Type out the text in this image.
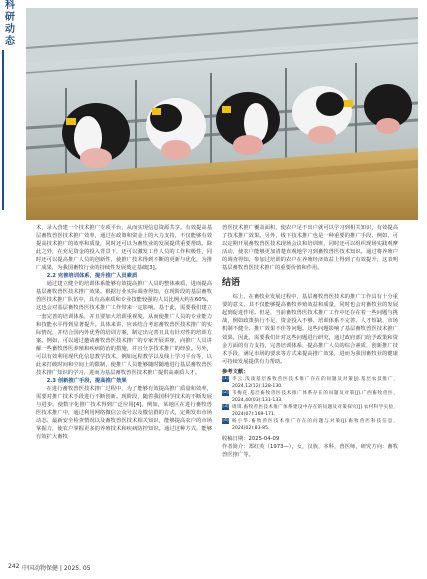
科
研
动
态

术，录入营建一个技术推广专项平台，从而实现信息资源共享。有效提高基层畜牧兽医技术推广效率，通过在政策和资金上的大力支持，不仅能够有效提高技术推广的效率和质量，同时还可以为畜牧业的发展提供重要帮助。除此之外，在充足资金的投入背景下，还可以激发工作人员的工作积极性，同时还可以提高推广人员的创新性，使推广技术得到不断的更新与优化，为推广成果，为我国畜牧行业的持续性发展奠定基础[3]。

2.2 完善培训体系，提升推广人员素质

通过建立健全的培训体系能够有效提高推广人员的整体素质，进而提高基层畜牧兽医技术推广效果。根据行业实际调查得知，在现阶段的基层畜牧兽医技术推广队伍中，具有高素质和专业技能较强的人员比例大约在60%，这也会对基层畜牧兽医技术推广工作带来一定影响。基于此，需要我们建立一套完善的培训体系，并且要加大培训重视度，从而使推广人员的专业能力和技能水平得到显著提升。具体来讲，应该结合考虑畜牧兽医技术推广的实际情况，并结合国内外优秀的培训方案，制定出完善且具有针对性的培训方案。例如，可以通过邀请畜牧兽医技术推广的专家开展讲座，向推广人员讲解一些畜牧兽医养殖和疾病防治的措施，并且分享技术推广的经验。另外，可以有效利用现代化信息教学技术，例如远程教学以及线上学习平台等，以此来打破时间和空间上的限制，使推广人员能够随时随地进行基层畜牧兽医技术推广知识的学习，进而为基层畜牧兽医技术推广提供高素质人才。

2.3 创新推广手段，提高推广效果

在进行畜牧兽医技术推广过程中，为了能够有效提高推广质量和效率，需要对推广技术手段进行不断创新。现阶段，随着我国科学技术的不断发展与进步，使数字化推广技术得到广泛应用[4]。例如，某地区在进行畜牧兽医技术推广中，通过利用网络微信公众号以及微信群的方式，定期发布市场动态、最新安全检查情况以及畜牧兽医技术相关知识，能够提高农户的市场掌握力，使农户掌握更多的养殖技术和疾病防控知识。通过这种方式，能够有效扩大畜牧

兽医技术推广覆盖面积，使农户足不出户就可以学习到相关知识，有效提高了技术推广效果。另外，线下技术推广也是一种重要的推广手段。例如，可以定期开展畜牧兽医技术现场会议和培训班，同时还可以组织现场实践观摩活动，使农户能够更加清楚直观地学习到畜牧兽医技术知识。通过将养殖户的调查得知，参加过培训的农户在养殖经济效益上得到了有效提升，这表明基层畜牧兽医技术推广的重要价值和作用。

结语

综上，在畜牧业发展过程中，基层畜牧兽医技术的推广工作具有十分重要的意义，其不仅能够提高畜牧养殖效益和质量，同时也会对畜牧业的发展起到促进作用。但是，当前畜牧兽医技术推广工作中还存在着一些问题与挑战，例如政策执行不足、资金投入不够、培训体系不完善、人才短缺、市场机制不健全、推广效果不佳等问题。这些问题影响了基层畜牧兽医技术推广效果。因此，需要我们针对这些问题进行研究，通过政府部门给予政策和资金方面的有力支持，完善培训体系，提高推广人员的综合素质，创新推广技术手段，满足市场的要求等方式来提高推广效果，进而为我国畜牧业的健康可持续发展提供有力帮助。

参考文献：
[1] 李云.浅谈基层畜牧兽医技术推广存在的问题及对策[J].基层农技推广，2024,12(12):128-130.
[2] 韦梅花.基层畜牧兽医技术推广体系存在的问题及对策[J].广西畜牧兽医，2024,40(03):131-133.
[3] 周琪.畜牧兽医技术推广体系建设中存在的问题及对策探究[J].农村科学实验，2024(07):169-171.
[4] 杨小华.畜牧兽医技术推广存在的问题与对策[J].畜牧兽医科技信息，2024(02):83-85.
收稿日期：2025-04-09
作者简介：郑红英（1973—），女，汉族，本科，兽医师，研究方向：畜牧兽医推广等。
242 中国动物保健 | 2025. 05
